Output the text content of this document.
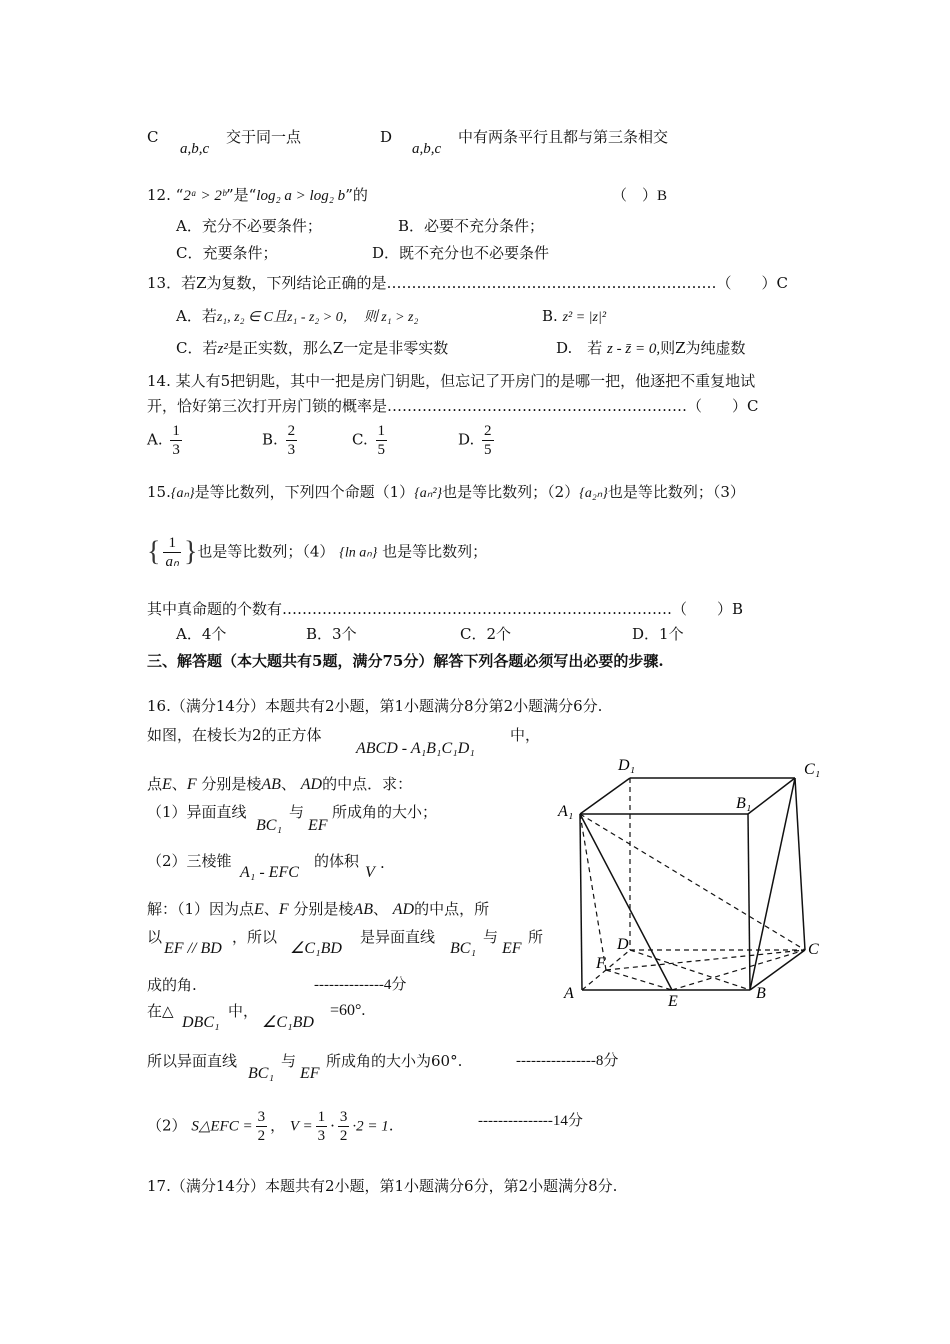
C
a,b,c
交于同一点	D
a,b,c
中有两条平行且都与第三条相交
12. “2ᵃ > 2ᵇ”是“log₂ a > log₂ b”的	（　）B
A．充分不必要条件；	B．必要不充分条件；
C．充要条件；	D．既不充分也不必要条件
13．若Z为复数，下列结论正确的是…………………………………………………………（　　）C
A．若z₁, z₂ ∈ C且z₁ - z₂ > 0，　则 z₁ > z₂	B. z² = |z|²
C．若z²是正实数，那么Z一定是非零实数	D.　若 z - z̄ = 0,则Z为纯虚数
14. 某人有5把钥匙，其中一把是房门钥匙，但忘记了开房门的是哪一把，他逐把不重复地试
开，恰好第三次打开房门锁的概率是……………………………………………………（　　）C
A. $\frac{1}{3}$	B. $\frac{2}{3}$	C. $\frac{1}{5}$	D. $\frac{2}{5}$
15.{aₙ}是等比数列，下列四个命题（1）{aₙ²}也是等比数列；（2）{a₂ₙ}也是等比数列；（3）
{ $\frac{1}{\text{aₙ}}$ }也是等比数列；（4） {ln aₙ} 也是等比数列；
其中真命题的个数有……………………………………………………………………（　　）B
A．4个	B．3个	C．2个	D．1个
三、解答题（本大题共有5题，满分75分）解答下列各题必须写出必要的步骤.
16.（满分14分）本题共有2小题，第1小题满分8分第2小题满分6分.
如图，在棱长为2的正方体
ABCD - A₁B₁C₁D₁
中，
点E、F 分别是棱AB、 AD的中点．求：
（1）异面直线
BC₁
与
EF
所成角的大小；
（2）三棱锥
A₁ - EFC
的体积
V
.
解：（1）因为点E、F 分别是棱AB、 AD的中点，所
以
EF // BD
，所以
∠C₁BD
是异面直线
BC₁
与
EF
所
成的角.	--------------4分
在△
DBC₁
中，
∠C₁BD
=60°.
所以异面直线
BC₁
与
EF
所成角的大小为60°.	----------------8分
（2） S△EFC = $\frac{3}{2}$ ， $V = \frac{1}{3} \cdot \frac{3}{2} \cdot 2 = 1$.	---------------14分
17.（满分14分）本题共有2小题，第1小题满分6分，第2小题满分8分.
D₁	C₁
A₁	B₁
D	C
F
A	B
E
